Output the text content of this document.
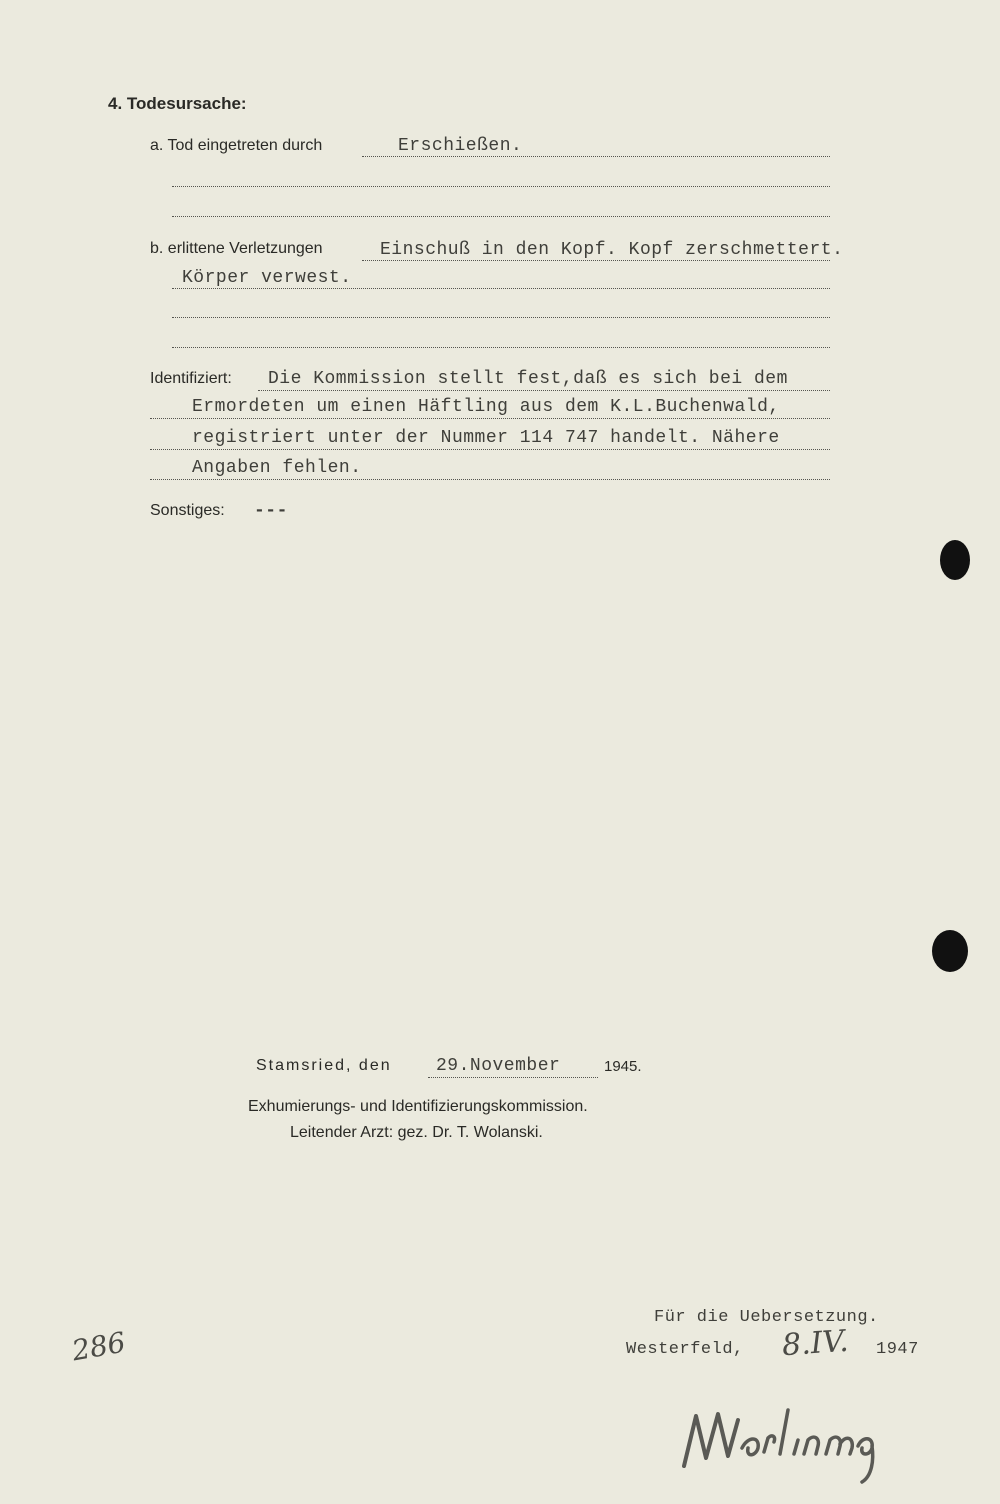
4. Todesursache:
a. Tod eingetreten durch	Erschießen.
b. erlittene Verletzungen	Einschuß in den Kopf. Kopf zerschmettert.
Körper verwest.
Identifiziert: Die Kommission stellt fest,daß es sich bei dem
Ermordeten um einen Häftling aus dem K.L.Buchenwald,
registriert unter der Nummer 114 747 handelt. Nähere
Angaben fehlen.
Sonstiges: ---
Stamsried, den 29.November	1945.
Exhumierungs- und Identifizierungskommission.
Leitender Arzt: gez. Dr. T. Wolanski.
Für die Uebersetzung.
Westerfeld, 8.IV. 1947
286
